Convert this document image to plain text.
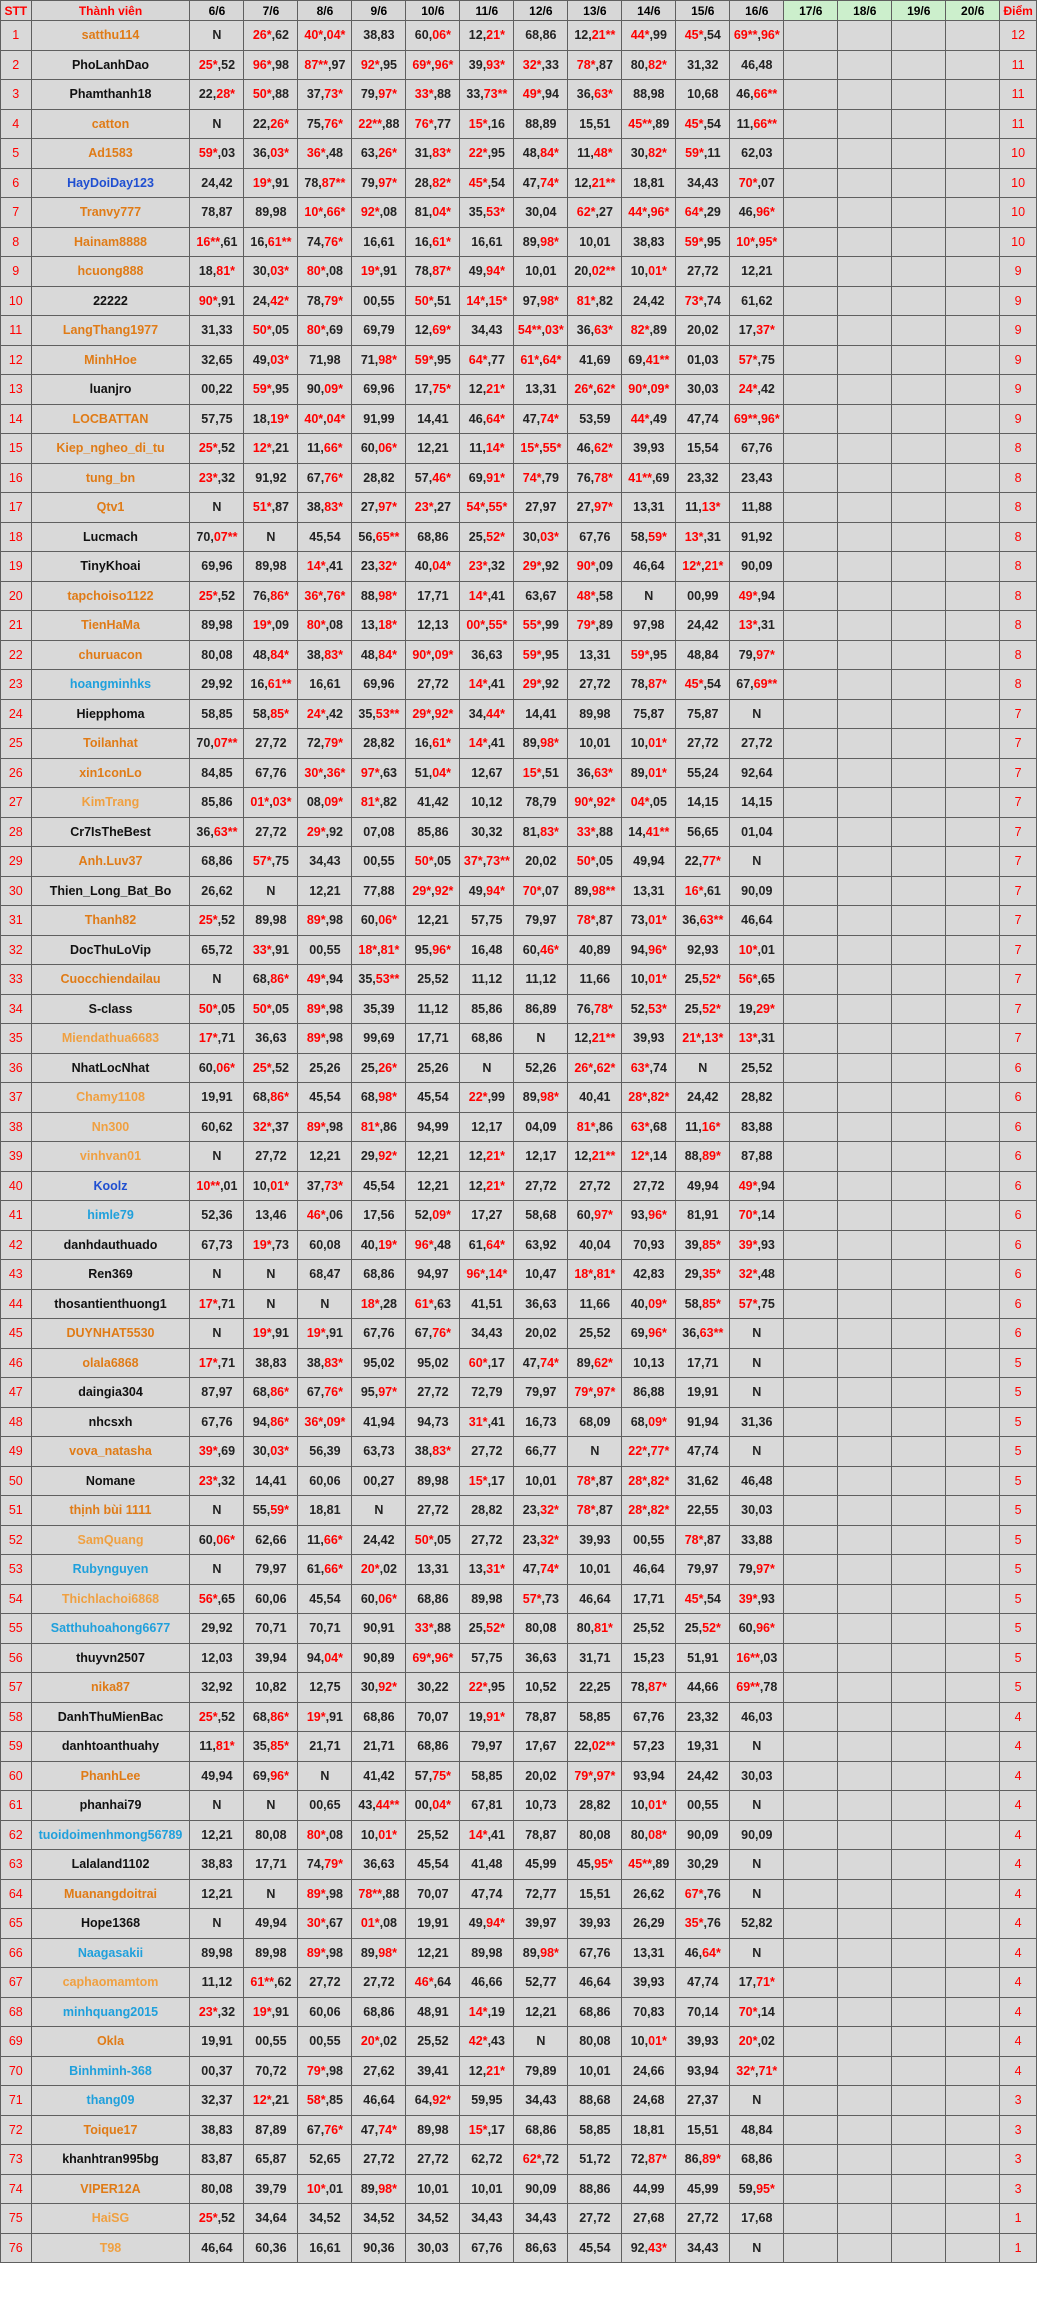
STT	Thành viên	6/6	7/6	8/6	9/6	10/6	11/6	12/6	13/6	14/6	15/6	16/6	17/6	18/6	19/6	20/6	Điểm
1	satthu114	N	26*,62	40*,04*	38,83	60,06*	12,21*	68,86	12,21**	44*,99	45*,54	69**,96*					12
2	PhoLanhDao	25*,52	96*,98	87**,97	92*,95	69*,96*	39,93*	32*,33	78*,87	80,82*	31,32	46,48					11
3	Phamthanh18	22,28*	50*,88	37,73*	79,97*	33*,88	33,73**	49*,94	36,63*	88,98	10,68	46,66**					11
4	catton	N	22,26*	75,76*	22**,88	76*,77	15*,16	88,89	15,51	45**,89	45*,54	11,66**					11
5	Ad1583	59*,03	36,03*	36*,48	63,26*	31,83*	22*,95	48,84*	11,48*	30,82*	59*,11	62,03					10
6	HayDoiDay123	24,42	19*,91	78,87**	79,97*	28,82*	45*,54	47,74*	12,21**	18,81	34,43	70*,07					10
7	Tranvy777	78,87	89,98	10*,66*	92*,08	81,04*	35,53*	30,04	62*,27	44*,96*	64*,29	46,96*					10
8	Hainam8888	16**,61	16,61**	74,76*	16,61	16,61*	16,61	89,98*	10,01	38,83	59*,95	10*,95*					10
9	hcuong888	18,81*	30,03*	80*,08	19*,91	78,87*	49,94*	10,01	20,02**	10,01*	27,72	12,21					9
10	22222	90*,91	24,42*	78,79*	00,55	50*,51	14*,15*	97,98*	81*,82	24,42	73*,74	61,62					9
11	LangThang1977	31,33	50*,05	80*,69	69,79	12,69*	34,43	54**,03*	36,63*	82*,89	20,02	17,37*					9
12	MinhHoe	32,65	49,03*	71,98	71,98*	59*,95	64*,77	61*,64*	41,69	69,41**	01,03	57*,75					9
13	luanjro	00,22	59*,95	90,09*	69,96	17,75*	12,21*	13,31	26*,62*	90*,09*	30,03	24*,42					9
14	LOCBATTAN	57,75	18,19*	40*,04*	91,99	14,41	46,64*	47,74*	53,59	44*,49	47,74	69**,96*					9
15	Kiep_ngheo_di_tu	25*,52	12*,21	11,66*	60,06*	12,21	11,14*	15*,55*	46,62*	39,93	15,54	67,76					8
16	tung_bn	23*,32	91,92	67,76*	28,82	57,46*	69,91*	74*,79	76,78*	41**,69	23,32	23,43					8
17	Qtv1	N	51*,87	38,83*	27,97*	23*,27	54*,55*	27,97	27,97*	13,31	11,13*	11,88					8
18	Lucmach	70,07**	N	45,54	56,65**	68,86	25,52*	30,03*	67,76	58,59*	13*,31	91,92					8
19	TinyKhoai	69,96	89,98	14*,41	23,32*	40,04*	23*,32	29*,92	90*,09	46,64	12*,21*	90,09					8
20	tapchoiso1122	25*,52	76,86*	36*,76*	88,98*	17,71	14*,41	63,67	48*,58	N	00,99	49*,94					8
21	TienHaMa	89,98	19*,09	80*,08	13,18*	12,13	00*,55*	55*,99	79*,89	97,98	24,42	13*,31					8
22	churuacon	80,08	48,84*	38,83*	48,84*	90*,09*	36,63	59*,95	13,31	59*,95	48,84	79,97*					8
23	hoangminhks	29,92	16,61**	16,61	69,96	27,72	14*,41	29*,92	27,72	78,87*	45*,54	67,69**					8
24	Hiepphoma	58,85	58,85*	24*,42	35,53**	29*,92*	34,44*	14,41	89,98	75,87	75,87	N					7
25	Toilanhat	70,07**	27,72	72,79*	28,82	16,61*	14*,41	89,98*	10,01	10,01*	27,72	27,72					7
26	xin1conLo	84,85	67,76	30*,36*	97*,63	51,04*	12,67	15*,51	36,63*	89,01*	55,24	92,64					7
27	KimTrang	85,86	01*,03*	08,09*	81*,82	41,42	10,12	78,79	90*,92*	04*,05	14,15	14,15					7
28	Cr7IsTheBest	36,63**	27,72	29*,92	07,08	85,86	30,32	81,83*	33*,88	14,41**	56,65	01,04					7
29	Anh.Luv37	68,86	57*,75	34,43	00,55	50*,05	37*,73**	20,02	50*,05	49,94	22,77*	N					7
30	Thien_Long_Bat_Bo	26,62	N	12,21	77,88	29*,92*	49,94*	70*,07	89,98**	13,31	16*,61	90,09					7
31	Thanh82	25*,52	89,98	89*,98	60,06*	12,21	57,75	79,97	78*,87	73,01*	36,63**	46,64					7
32	DocThuLoVip	65,72	33*,91	00,55	18*,81*	95,96*	16,48	60,46*	40,89	94,96*	92,93	10*,01					7
33	Cuocchiendailau	N	68,86*	49*,94	35,53**	25,52	11,12	11,12	11,66	10,01*	25,52*	56*,65					7
34	S-class	50*,05	50*,05	89*,98	35,39	11,12	85,86	86,89	76,78*	52,53*	25,52*	19,29*					7
35	Miendathua6683	17*,71	36,63	89*,98	99,69	17,71	68,86	N	12,21**	39,93	21*,13*	13*,31					7
36	NhatLocNhat	60,06*	25*,52	25,26	25,26*	25,26	N	52,26	26*,62*	63*,74	N	25,52					6
37	Chamy1108	19,91	68,86*	45,54	68,98*	45,54	22*,99	89,98*	40,41	28*,82*	24,42	28,82					6
38	Nn300	60,62	32*,37	89*,98	81*,86	94,99	12,17	04,09	81*,86	63*,68	11,16*	83,88					6
39	vinhvan01	N	27,72	12,21	29,92*	12,21	12,21*	12,17	12,21**	12*,14	88,89*	87,88					6
40	Koolz	10**,01	10,01*	37,73*	45,54	12,21	12,21*	27,72	27,72	27,72	49,94	49*,94					6
41	himle79	52,36	13,46	46*,06	17,56	52,09*	17,27	58,68	60,97*	93,96*	81,91	70*,14					6
42	danhdauthuado	67,73	19*,73	60,08	40,19*	96*,48	61,64*	63,92	40,04	70,93	39,85*	39*,93					6
43	Ren369	N	N	68,47	68,86	94,97	96*,14*	10,47	18*,81*	42,83	29,35*	32*,48					6
44	thosantienthuong1	17*,71	N	N	18*,28	61*,63	41,51	36,63	11,66	40,09*	58,85*	57*,75					6
45	DUYNHAT5530	N	19*,91	19*,91	67,76	67,76*	34,43	20,02	25,52	69,96*	36,63**	N					6
46	olala6868	17*,71	38,83	38,83*	95,02	95,02	60*,17	47,74*	89,62*	10,13	17,71	N					5
47	daingia304	87,97	68,86*	67,76*	95,97*	27,72	72,79	79,97	79*,97*	86,88	19,91	N					5
48	nhcsxh	67,76	94,86*	36*,09*	41,94	94,73	31*,41	16,73	68,09	68,09*	91,94	31,36					5
49	vova_natasha	39*,69	30,03*	56,39	63,73	38,83*	27,72	66,77	N	22*,77*	47,74	N					5
50	Nomane	23*,32	14,41	60,06	00,27	89,98	15*,17	10,01	78*,87	28*,82*	31,62	46,48					5
51	thịnh bùi 1111	N	55,59*	18,81	N	27,72	28,82	23,32*	78*,87	28*,82*	22,55	30,03					5
52	SamQuang	60,06*	62,66	11,66*	24,42	50*,05	27,72	23,32*	39,93	00,55	78*,87	33,88					5
53	Rubynguyen	N	79,97	61,66*	20*,02	13,31	13,31*	47,74*	10,01	46,64	79,97	79,97*					5
54	Thichlachoi6868	56*,65	60,06	45,54	60,06*	68,86	89,98	57*,73	46,64	17,71	45*,54	39*,93					5
55	Satthuhoahong6677	29,92	70,71	70,71	90,91	33*,88	25,52*	80,08	80,81*	25,52	25,52*	60,96*					5
56	thuyvn2507	12,03	39,94	94,04*	90,89	69*,96*	57,75	36,63	31,71	15,23	51,91	16**,03					5
57	nika87	32,92	10,82	12,75	30,92*	30,22	22*,95	10,52	22,25	78,87*	44,66	69**,78					5
58	DanhThuMienBac	25*,52	68,86*	19*,91	68,86	70,07	19,91*	78,87	58,85	67,76	23,32	46,03					4
59	danhtoanthuahy	11,81*	35,85*	21,71	21,71	68,86	79,97	17,67	22,02**	57,23	19,31	N					4
60	PhanhLee	49,94	69,96*	N	41,42	57,75*	58,85	20,02	79*,97*	93,94	24,42	30,03					4
61	phanhai79	N	N	00,65	43,44**	00,04*	67,81	10,73	28,82	10,01*	00,55	N					4
62	tuoidoimenhmong56789	12,21	80,08	80*,08	10,01*	25,52	14*,41	78,87	80,08	80,08*	90,09	90,09					4
63	Lalaland1102	38,83	17,71	74,79*	36,63	45,54	41,48	45,99	45,95*	45**,89	30,29	N					4
64	Muanangdoitrai	12,21	N	89*,98	78**,88	70,07	47,74	72,77	15,51	26,62	67*,76	N					4
65	Hope1368	N	49,94	30*,67	01*,08	19,91	49,94*	39,97	39,93	26,29	35*,76	52,82					4
66	Naagasakii	89,98	89,98	89*,98	89,98*	12,21	89,98	89,98*	67,76	13,31	46,64*	N					4
67	caphaomamtom	11,12	61**,62	27,72	27,72	46*,64	46,66	52,77	46,64	39,93	47,74	17,71*					4
68	minhquang2015	23*,32	19*,91	60,06	68,86	48,91	14*,19	12,21	68,86	70,83	70,14	70*,14					4
69	Okla	19,91	00,55	00,55	20*,02	25,52	42*,43	N	80,08	10,01*	39,93	20*,02					4
70	Binhminh-368	00,37	70,72	79*,98	27,62	39,41	12,21*	79,89	10,01	24,66	93,94	32*,71*					4
71	thang09	32,37	12*,21	58*,85	46,64	64,92*	59,95	34,43	88,68	24,68	27,37	N					3
72	Toique17	38,83	87,89	67,76*	47,74*	89,98	15*,17	68,86	58,85	18,81	15,51	48,84					3
73	khanhtran995bg	83,87	65,87	52,65	27,72	27,72	62,72	62*,72	51,72	72,87*	86,89*	68,86					3
74	VIPER12A	80,08	39,79	10*,01	89,98*	10,01	10,01	90,09	88,86	44,99	45,99	59,95*					3
75	HaiSG	25*,52	34,64	34,52	34,52	34,52	34,43	34,43	27,72	27,68	27,72	17,68					1
76	T98	46,64	60,36	16,61	90,36	30,03	67,76	86,63	45,54	92,43*	34,43	N					1
